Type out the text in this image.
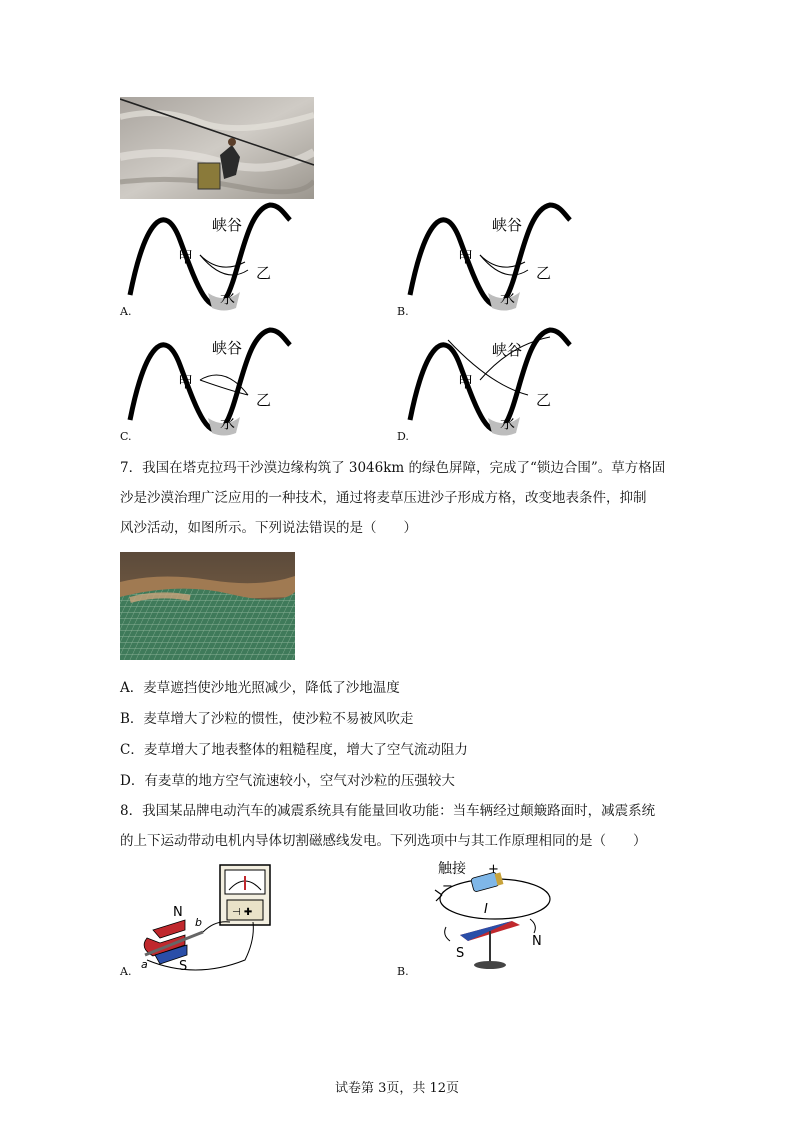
峡谷
甲
乙
水
A.
峡谷
甲
乙
水
B.
峡谷
甲
乙
水
C.
峡谷
甲
乙
水
D.
7．我国在塔克拉玛干沙漠边缘构筑了 3046km 的绿色屏障，完成了“锁边合围”。草方格固
沙是沙漠治理广泛应用的一种技术，通过将麦草压进沙子形成方格，改变地表条件，抑制
风沙活动，如图所示。下列说法错误的是（　　）
A．麦草遮挡使沙地光照减少，降低了沙地温度
B．麦草增大了沙粒的惯性，使沙粒不易被风吹走
C．麦草增大了地表整体的粗糙程度，增大了空气流动阻力
D．有麦草的地方空气流速较小，空气对沙粒的压强较大
8．我国某品牌电动汽车的减震系统具有能量回收功能：当车辆经过颠簸路面时，减震系统
的上下运动带动电机内导体切割磁感线发电。下列选项中与其工作原理相同的是（　　）
⊣ ✚
N
S
b
a
A.
触接 +
−
I
N
S
B.
试卷第 3页，共 12页
